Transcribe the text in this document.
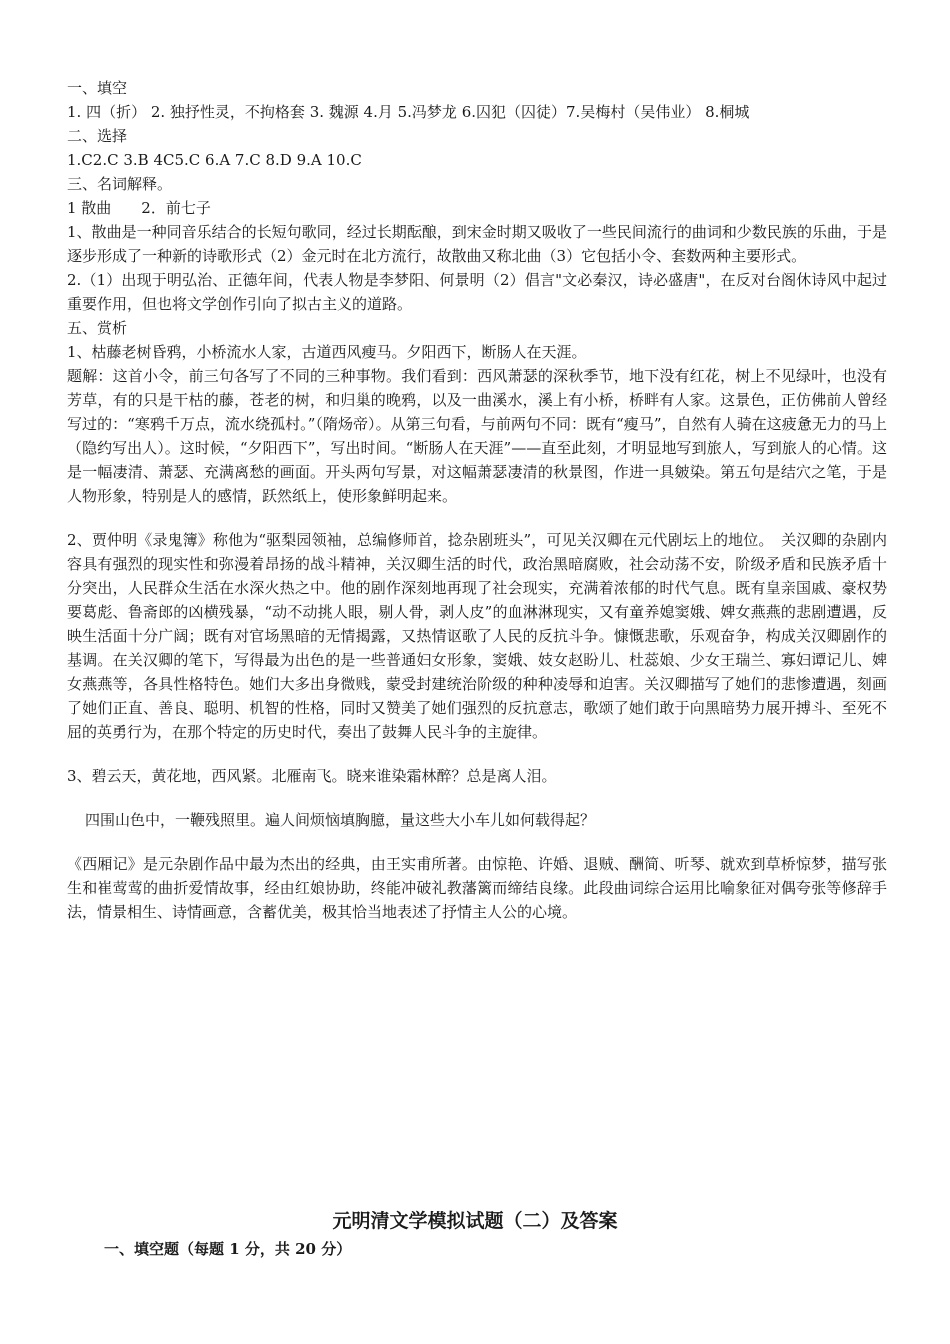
一、填空

1. 四（折） 2. 独抒性灵，不拘格套 3. 魏源 4.月 5.冯梦龙 6.囚犯（囚徒）7.吴梅村（吴伟业） 8.桐城

二、选择

1.C2.C 3.B 4C5.C 6.A 7.C 8.D 9.A 10.C

三、名词解释。

1 散曲　　2．前七子

1、散曲是一种同音乐结合的长短句歌同，经过长期酝酿，到宋金时期又吸收了一些民间流行的曲词和少数民族的乐曲，于是逐步形成了一种新的诗歌形式（2）金元时在北方流行，故散曲又称北曲（3）它包括小令、套数两种主要形式。

2.（1）出现于明弘治、正德年间，代表人物是李梦阳、何景明（2）倡言"文必秦汉，诗必盛唐"，在反对台阁休诗风中起过重要作用，但也将文学创作引向了拟古主义的道路。

五、赏析

1、枯藤老树昏鸦，小桥流水人家，古道西风瘦马。夕阳西下，断肠人在天涯。

题解：这首小令，前三句各写了不同的三种事物。我们看到：西风萧瑟的深秋季节，地下没有红花，树上不见绿叶，也没有芳草，有的只是干枯的藤，苍老的树，和归巢的晚鸦，以及一曲溪水，溪上有小桥，桥畔有人家。这景色，正仿佛前人曾经写过的：“寒鸦千万点，流水绕孤村。”（隋炀帝）。从第三句看，与前两句不同：既有“瘦马”，自然有人骑在这疲惫无力的马上（隐约写出人）。这时候，“夕阳西下”，写出时间。“断肠人在天涯”——直至此刻，才明显地写到旅人，写到旅人的心情。这是一幅凄清、萧瑟、充满离愁的画面。开头两句写景，对这幅萧瑟凄清的秋景图，作进一具皴染。第五句是结穴之笔，于是人物形象，特别是人的感情，跃然纸上，使形象鲜明起来。

2、贾仲明《录鬼簿》称他为“驱梨园领袖，总编修师首，捻杂剧班头”，可见关汉卿在元代剧坛上的地位。　关汉卿的杂剧内容具有强烈的现实性和弥漫着昂扬的战斗精神，关汉卿生活的时代，政治黑暗腐败，社会动荡不安，阶级矛盾和民族矛盾十分突出，人民群众生活在水深火热之中。他的剧作深刻地再现了社会现实，充满着浓郁的时代气息。既有皇亲国戚、豪权势要葛彪、鲁斋郎的凶横残暴，“动不动挑人眼，剔人骨，剥人皮”的血淋淋现实，又有童养媳窦娥、婢女燕燕的悲剧遭遇，反映生活面十分广阔；既有对官场黑暗的无情揭露，又热情讴歌了人民的反抗斗争。慷慨悲歌，乐观奋争，构成关汉卿剧作的基调。在关汉卿的笔下，写得最为出色的是一些普通妇女形象，窦娥、妓女赵盼儿、杜蕊娘、少女王瑞兰、寡妇谭记儿、婢女燕燕等，各具性格特色。她们大多出身微贱，蒙受封建统治阶级的种种凌辱和迫害。关汉卿描写了她们的悲惨遭遇，刻画了她们正直、善良、聪明、机智的性格，同时又赞美了她们强烈的反抗意志，歌颂了她们敢于向黑暗势力展开搏斗、至死不屈的英勇行为，在那个特定的历史时代，奏出了鼓舞人民斗争的主旋律。

3、碧云天，黄花地，西风紧。北雁南飞。晓来谁染霜林醉？总是离人泪。

四围山色中，一鞭残照里。遍人间烦恼填胸臆，量这些大小车儿如何载得起？

《西厢记》是元杂剧作品中最为杰出的经典，由王实甫所著。由惊艳、许婚、退贼、酬简、听琴、就欢到草桥惊梦，描写张生和崔莺莺的曲折爱情故事，经由红娘协助，终能冲破礼教藩篱而缔结良缘。此段曲词综合运用比喻象征对偶夸张等修辞手法，情景相生、诗情画意，含蓄优美，极其恰当地表述了抒情主人公的心境。

元明清文学模拟试题（二）及答案

一、填空题（每题 1 分，共 20 分）
